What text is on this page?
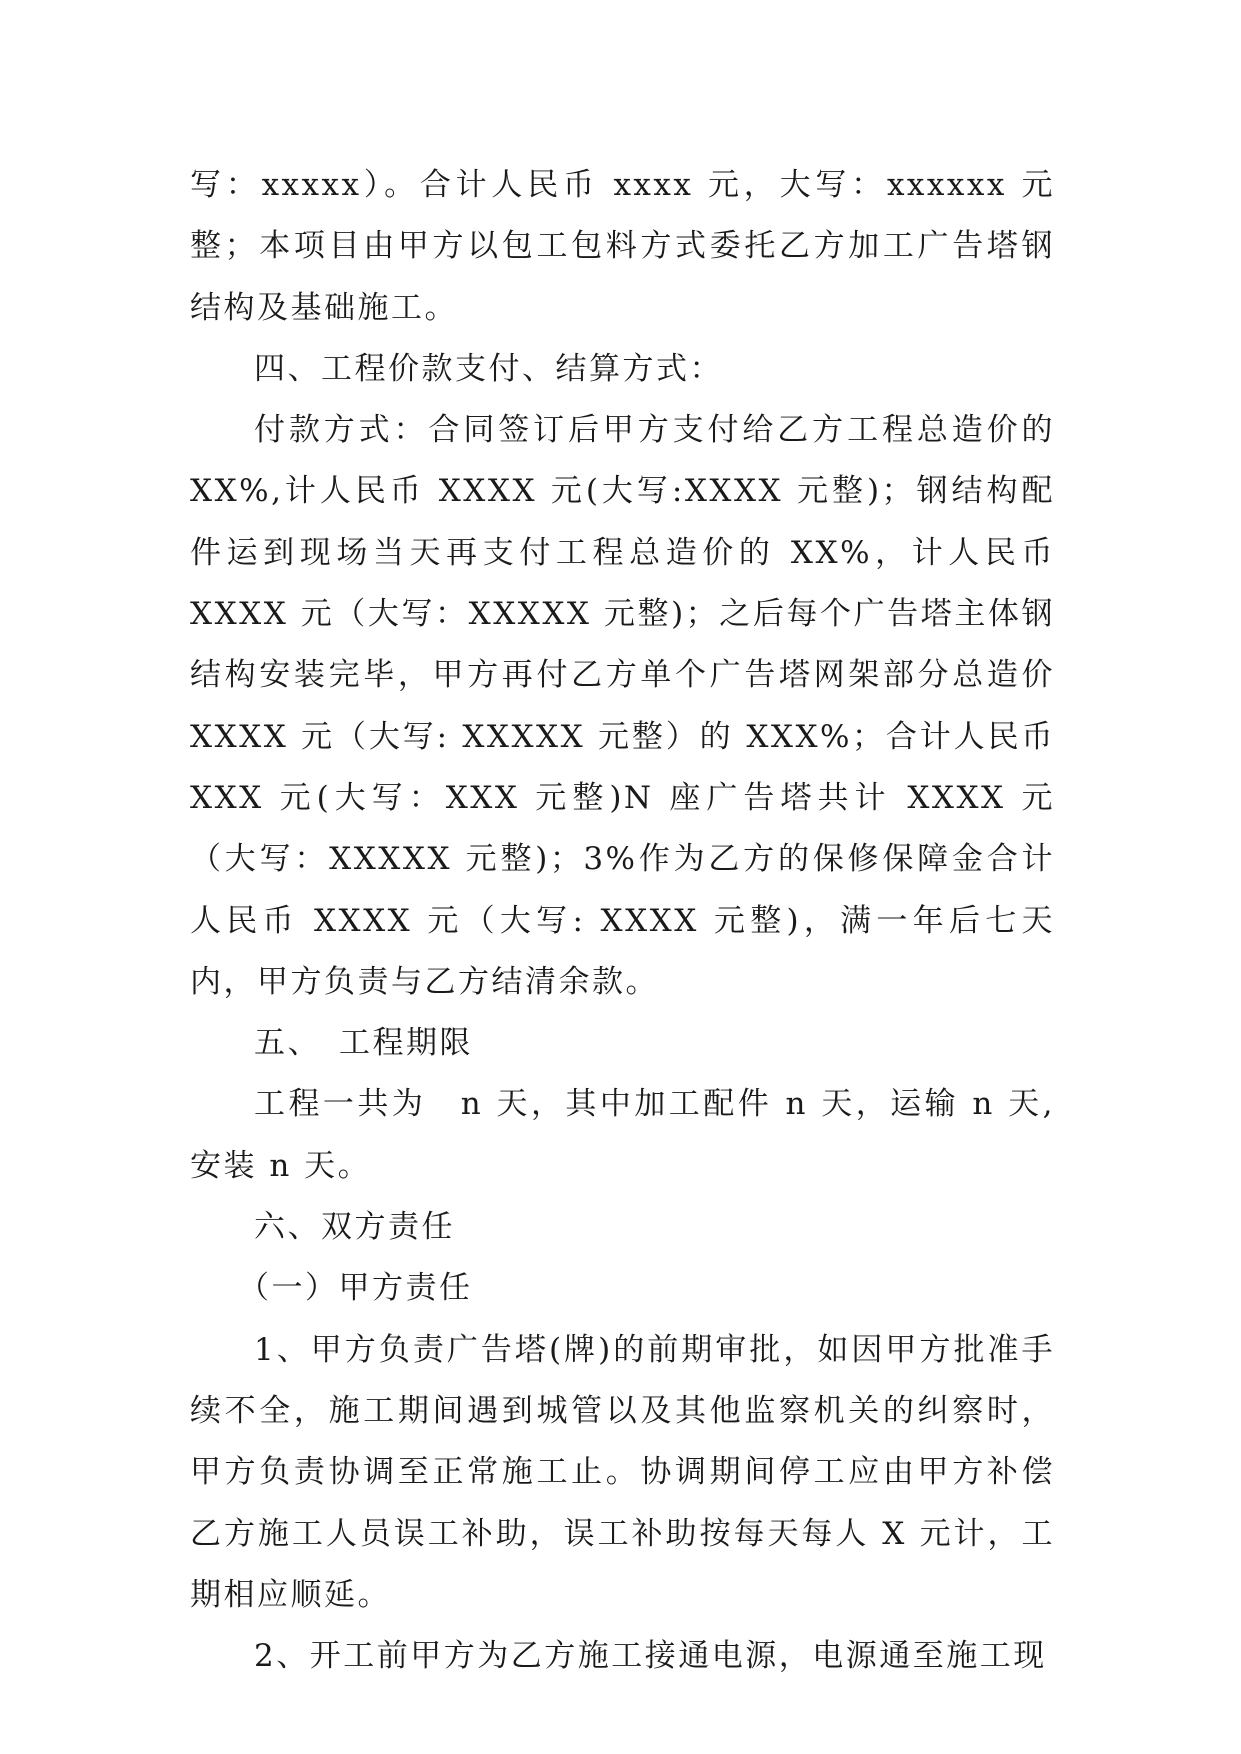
写：xxxxx）。合计人民币 xxxx 元，大写：xxxxxx 元整；本项目由甲方以包工包料方式委托乙方加工广告塔钢结构及基础施工。

四、工程价款支付、结算方式：

付款方式：合同签订后甲方支付给乙方工程总造价的XX%,计人民币 XXXX 元(大写:XXXX 元整)；钢结构配件运到现场当天再支付工程总造价的 XX%，计人民币 XXXX 元（大写：XXXXX 元整)；之后每个广告塔主体钢结构安装完毕，甲方再付乙方单个广告塔网架部分总造价 XXXX 元（大写: XXXXX 元整）的 XXX%；合计人民币 XXX 元(大写：XXX 元整)N 座广告塔共计 XXXX 元（大写：XXXXX 元整)；3%作为乙方的保修保障金合计人民币 XXXX 元（大写: XXXX 元整)，满一年后七天内，甲方负责与乙方结清余款。

五、　工程期限

工程一共为　n 天，其中加工配件 n 天，运输 n 天,安装 n 天。

六、双方责任

（一）甲方责任

1、甲方负责广告塔(牌)的前期审批，如因甲方批准手续不全，施工期间遇到城管以及其他监察机关的纠察时，甲方负责协调至正常施工止。协调期间停工应由甲方补偿乙方施工人员误工补助，误工补助按每天每人 X 元计，工期相应顺延。

2、开工前甲方为乙方施工接通电源，电源通至施工现
